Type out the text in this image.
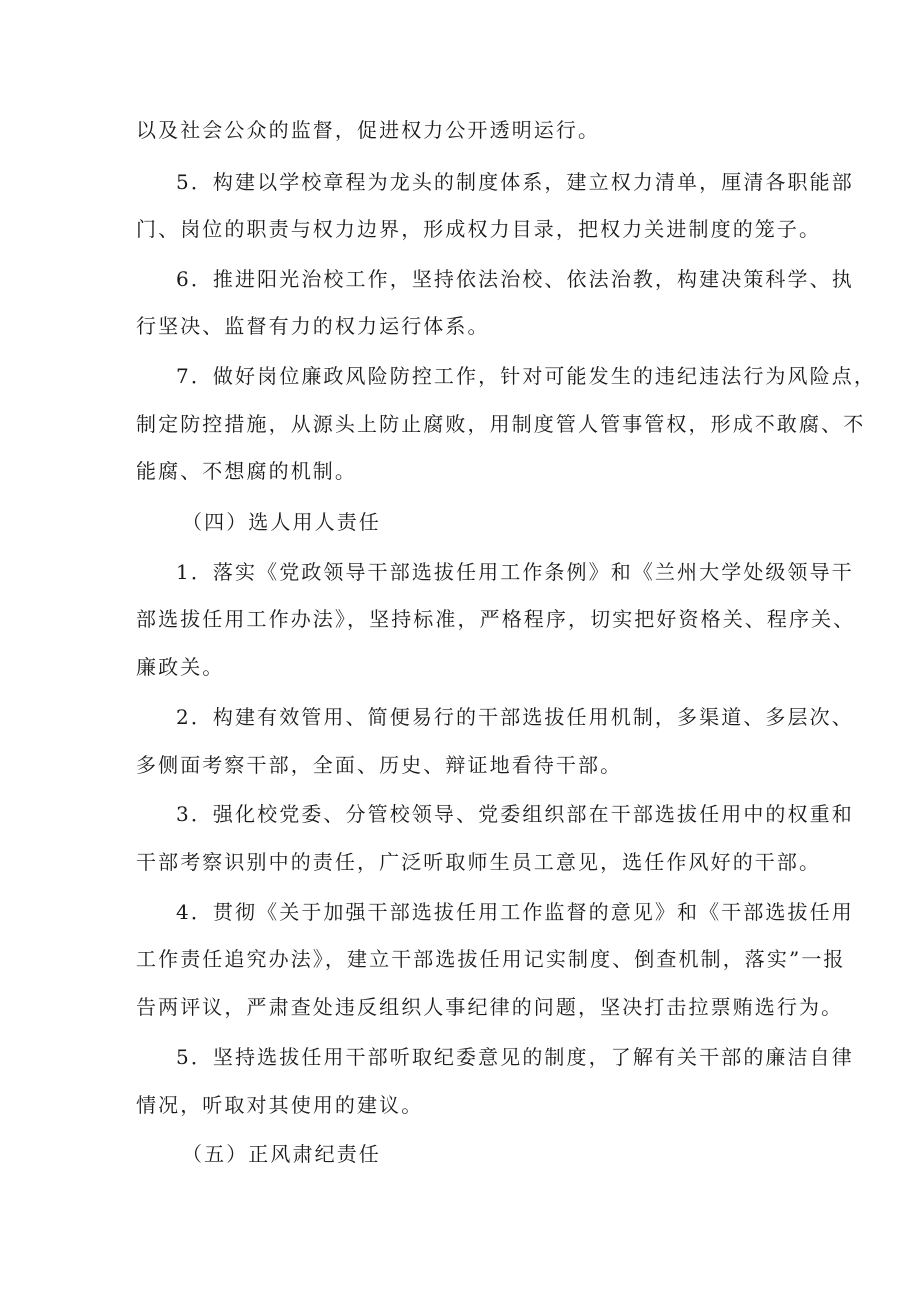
以及社会公众的监督，促进权力公开透明运行。
5．构建以学校章程为龙头的制度体系，建立权力清单，厘清各职能部
门、岗位的职责与权力边界，形成权力目录，把权力关进制度的笼子。
6．推进阳光治校工作，坚持依法治校、依法治教，构建决策科学、执
行坚决、监督有力的权力运行体系。
7．做好岗位廉政风险防控工作，针对可能发生的违纪违法行为风险点，
制定防控措施，从源头上防止腐败，用制度管人管事管权，形成不敢腐、不
能腐、不想腐的机制。
（四）选人用人责任
1．落实《党政领导干部选拔任用工作条例》和《兰州大学处级领导干
部选拔任用工作办法》，坚持标准，严格程序，切实把好资格关、程序关、
廉政关。
2．构建有效管用、简便易行的干部选拔任用机制，多渠道、多层次、
多侧面考察干部，全面、历史、辩证地看待干部。
3．强化校党委、分管校领导、党委组织部在干部选拔任用中的权重和
干部考察识别中的责任，广泛听取师生员工意见，选任作风好的干部。
4．贯彻《关于加强干部选拔任用工作监督的意见》和《干部选拔任用
工作责任追究办法》，建立干部选拔任用记实制度、倒查机制，落实”一报
告两评议，严肃查处违反组织人事纪律的问题，坚决打击拉票贿选行为。
5．坚持选拔任用干部听取纪委意见的制度，了解有关干部的廉洁自律
情况，听取对其使用的建议。
（五）正风肃纪责任
